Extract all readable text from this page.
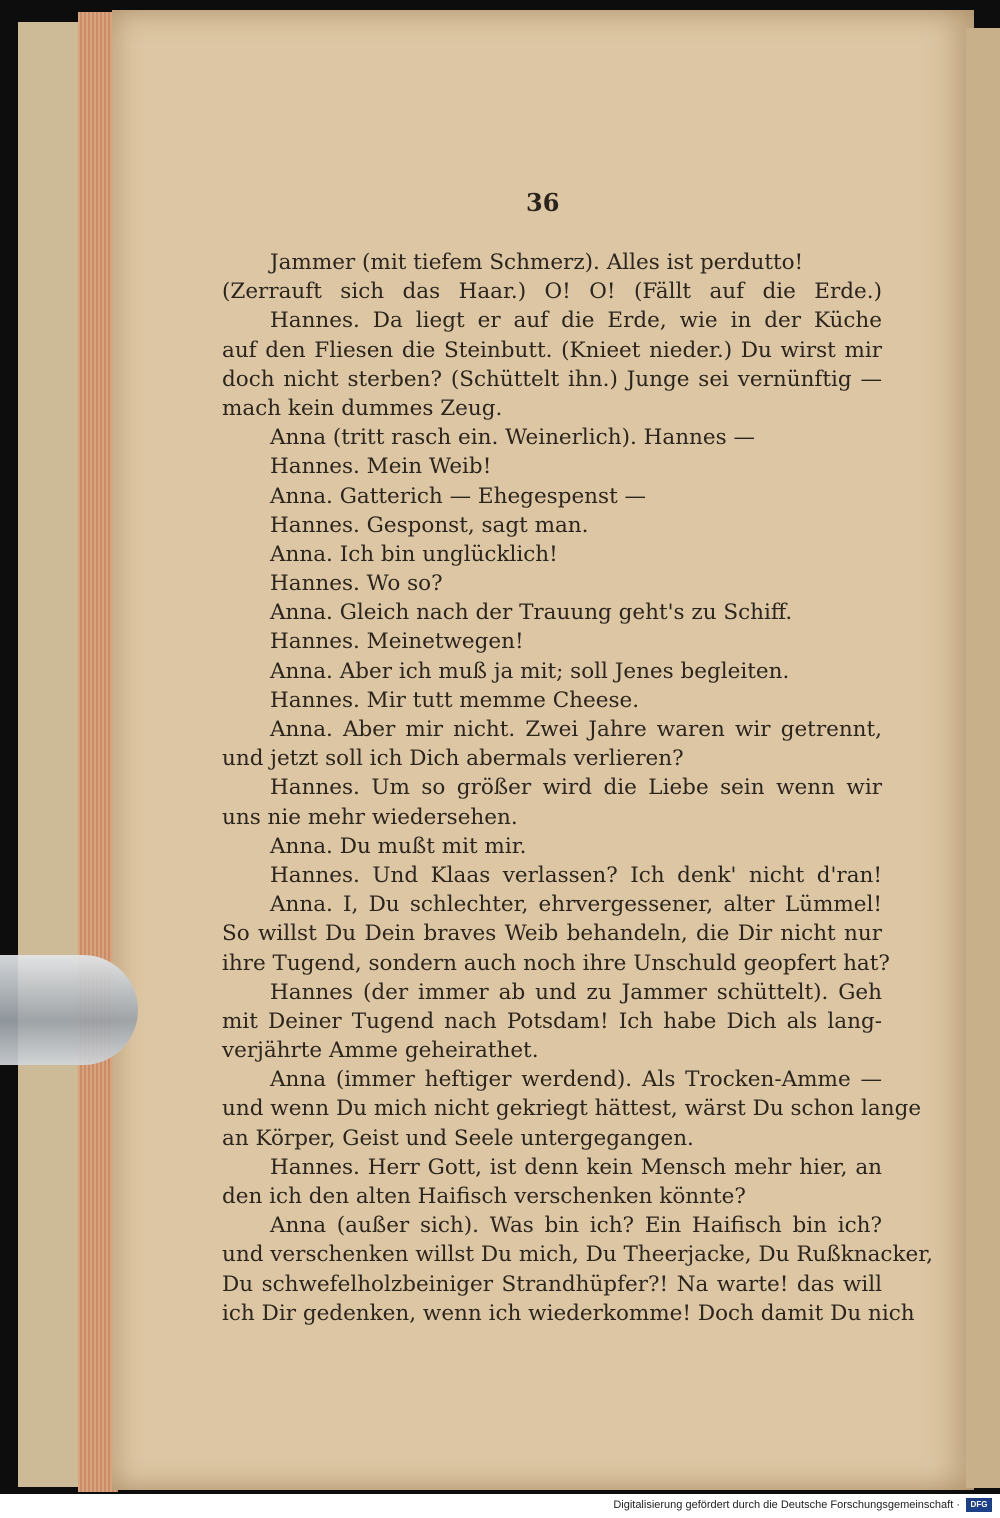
36
Jammer (mit tiefem Schmerz). Alles ist perdutto!
(Zerrauft sich das Haar.) O! O! (Fällt auf die Erde.)
Hannes. Da liegt er auf die Erde, wie in der Küche
auf den Fliesen die Steinbutt. (Knieet nieder.) Du wirst mir
doch nicht sterben? (Schüttelt ihn.) Junge sei vernünftig —
mach kein dummes Zeug.
Anna (tritt rasch ein. Weinerlich). Hannes —
Hannes. Mein Weib!
Anna. Gatterich — Ehegespenst —
Hannes. Gesponst, sagt man.
Anna. Ich bin unglücklich!
Hannes. Wo so?
Anna. Gleich nach der Trauung geht's zu Schiff.
Hannes. Meinetwegen!
Anna. Aber ich muß ja mit; soll Jenes begleiten.
Hannes. Mir tutt memme Cheese.
Anna. Aber mir nicht. Zwei Jahre waren wir getrennt,
und jetzt soll ich Dich abermals verlieren?
Hannes. Um so größer wird die Liebe sein wenn wir
uns nie mehr wiedersehen.
Anna. Du mußt mit mir.
Hannes. Und Klaas verlassen? Ich denk' nicht d'ran!
Anna. I, Du schlechter, ehrvergessener, alter Lümmel!
So willst Du Dein braves Weib behandeln, die Dir nicht nur
ihre Tugend, sondern auch noch ihre Unschuld geopfert hat?
Hannes (der immer ab und zu Jammer schüttelt). Geh
mit Deiner Tugend nach Potsdam! Ich habe Dich als lang-
verjährte Amme geheirathet.
Anna (immer heftiger werdend). Als Trocken-Amme —
und wenn Du mich nicht gekriegt hättest, wärst Du schon lange
an Körper, Geist und Seele untergegangen.
Hannes. Herr Gott, ist denn kein Mensch mehr hier, an
den ich den alten Haifisch verschenken könnte?
Anna (außer sich). Was bin ich? Ein Haifisch bin ich?
und verschenken willst Du mich, Du Theerjacke, Du Rußknacker,
Du schwefelholzbeiniger Strandhüpfer?! Na warte! das will
ich Dir gedenken, wenn ich wiederkomme! Doch damit Du nich
Digitalisierung gefördert durch die Deutsche Forschungsgemeinschaft ·	DFG
